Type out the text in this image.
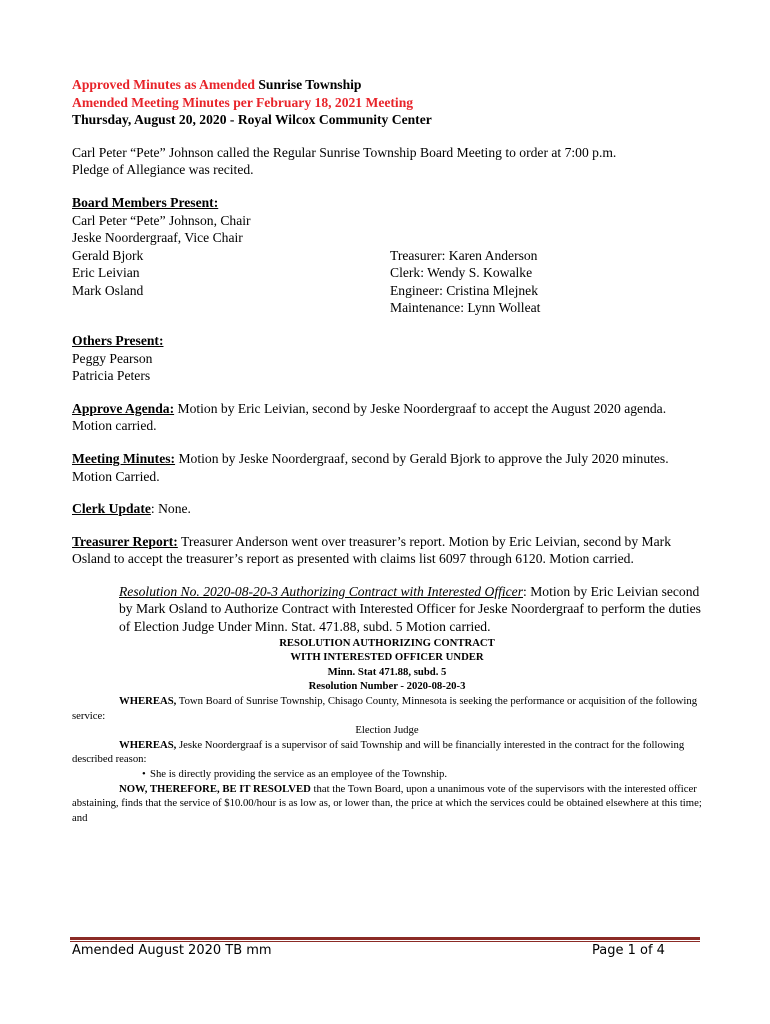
Approved Minutes as Amended Sunrise Township

Amended Meeting Minutes per February 18, 2021 Meeting

Thursday, August 20, 2020 - Royal Wilcox Community Center

Carl Peter “Pete” Johnson called the Regular Sunrise Township Board Meeting to order at 7:00 p.m.

Pledge of Allegiance was recited.

Board Members Present:

Carl Peter “Pete” Johnson, Chair

Jeske Noordergraaf, Vice Chair

Gerald Bjork

Eric Leivian

Mark Osland

Treasurer: Karen Anderson

Clerk: Wendy S. Kowalke

Engineer: Cristina Mlejnek

Maintenance: Lynn Wolleat

Others Present:

Peggy Pearson

Patricia Peters

Approve Agenda: Motion by Eric Leivian, second by Jeske Noordergraaf to accept the August 2020 agenda. Motion carried.

Meeting Minutes: Motion by Jeske Noordergraaf, second by Gerald Bjork to approve the July 2020 minutes. Motion Carried.

Clerk Update: None.

Treasurer Report: Treasurer Anderson went over treasurer’s report. Motion by Eric Leivian, second by Mark Osland to accept the treasurer’s report as presented with claims list 6097 through 6120. Motion carried.

Resolution No. 2020-08-20-3 Authorizing Contract with Interested Officer: Motion by Eric Leivian second by Mark Osland to Authorize Contract with Interested Officer for Jeske Noordergraaf to perform the duties of Election Judge Under Minn. Stat. 471.88, subd. 5 Motion carried.

RESOLUTION AUTHORIZING CONTRACT

WITH INTERESTED OFFICER UNDER

Minn. Stat 471.88, subd. 5

Resolution Number - 2020-08-20-3

WHEREAS, Town Board of Sunrise Township, Chisago County, Minnesota is seeking the performance or acquisition of the following service:

Election Judge

WHEREAS, Jeske Noordergraaf is a supervisor of said Township and will be financially interested in the contract for the following described reason:

• She is directly providing the service as an employee of the Township.

NOW, THEREFORE, BE IT RESOLVED that the Town Board, upon a unanimous vote of the supervisors with the interested officer abstaining, finds that the service of $10.00/hour is as low as, or lower than, the price at which the services could be obtained elsewhere at this time; and

Amended August 2020 TB mm	Page 1 of 4
